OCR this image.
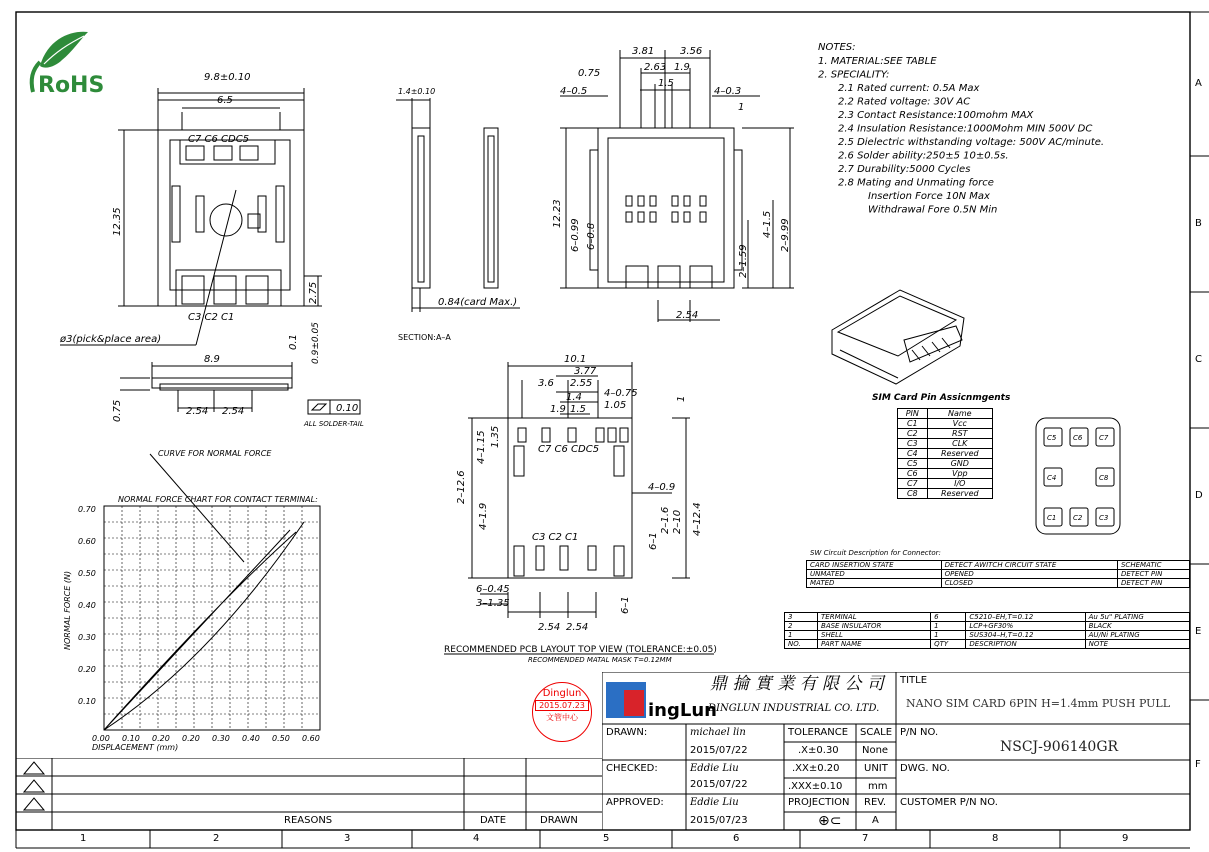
RoHS	9.8±0.10
6.5
C7 C6 CDC5
C3 C2 C1
12.35
2.75
0.1 0.9±0.05
ø3(pick&place area)
8.9
2.54 2.54	0.10
ALL SOLDER-TAIL
0.75
1.4±0.10
0.84(card Max.)
SECTION:A–A
3.81	3.56
2.63 1.9
1.5
0.75
4–0.5	4–0.3
1
12.23
6–0.99 6–0.8
2–1.59
4–1.5 2–9.99
2.54
10.1
3.77
3.6 2.55
1.4
1.9 1.5
4–0.75
1.05
1
C7 C6 CDC5
C3 C2 C1
1.35
4–1.15
2–12.6
4–1.9
4–0.9
6–1
2–1.6 2–10 4–12.4
6–0.45
3–1.35
2.54 2.54
6–1
RECOMMENDED PCB LAYOUT TOP VIEW (TOLERANCE:±0.05)
RECOMMENDED MATAL MASK T=0.12MM
CURVE FOR NORMAL FORCE
NORMAL FORCE CHART FOR CONTACT TERMINAL:
NORMAL FORCE (N)
DISPLACEMENT (mm)
0.70
0.60
0.50
0.40
0.30
0.20
0.10
0.00 0.10 0.20 0.20 0.30 0.40 0.50 0.60
NOTES:
1. MATERIAL:SEE TABLE
2. SPECIALITY:
2.1 Rated current: 0.5A Max
2.2 Rated voltage: 30V AC
2.3 Contact Resistance:100mohm MAX
2.4 Insulation Resistance:1000Mohm MIN 500V DC
2.5 Dielectric withstanding voltage: 500V AC/minute.
2.6 Solder ability:250±5 10±0.5s.
2.7 Durability:5000 Cycles
2.8 Mating and Unmating force
Insertion Force 10N Max
Withdrawal Fore 0.5N Min
C5 C6 C7
C4	C8
C1 C2 C3
SIM Card Pin Assicnmgents
PIN	Name
C1	Vcc
C2	RST
C3	CLK
C4	Reserved
C5	GND
C6	Vpp
C7	I/O
C8	Reserved
SW Circuit Description for Connector:
CARD INSERTION STATE	DETECT AWITCH CIRCUIT STATE	SCHEMATIC
UNMATED	OPENED	DETECT PIN
MATED	CLOSED	DETECT PIN
3	TERMINAL	6	C5210–EH,T=0.12	Au 5u" PLATING
2	BASE INSULATOR	1	LCP+GF30%	BLACK
1	SHELL	1	SUS304–H,T=0.12	AU/Ni PLATING
NO.	PART NAME	QTY	DESCRIPTION	NOTE
Dinglun
2015.07.23
文管中心	ingLun
鼎 掄 實 業 有 限 公 司
DINGLUN INDUSTRIAL CO. LTD.
TITLE
NANO SIM CARD 6PIN H=1.4mm PUSH PULL
DRAWN:	michael lin
2015/07/22
CHECKED:	Eddie Liu
2015/07/22
APPROVED:	Eddie Liu
2015/07/23
TOLERANCE
.X±0.30
.XX±0.20
.XXX±0.10
PROJECTION
SCALE
None
UNIT
mm
REV.
A
⊕⊂
P/N NO.
NSCJ-906140GR
DWG. NO.
CUSTOMER P/N NO.
REASONS	DATE	DRAWN
A
B
C
D
E
F
1	2	3	4	5	6	7	8	9
